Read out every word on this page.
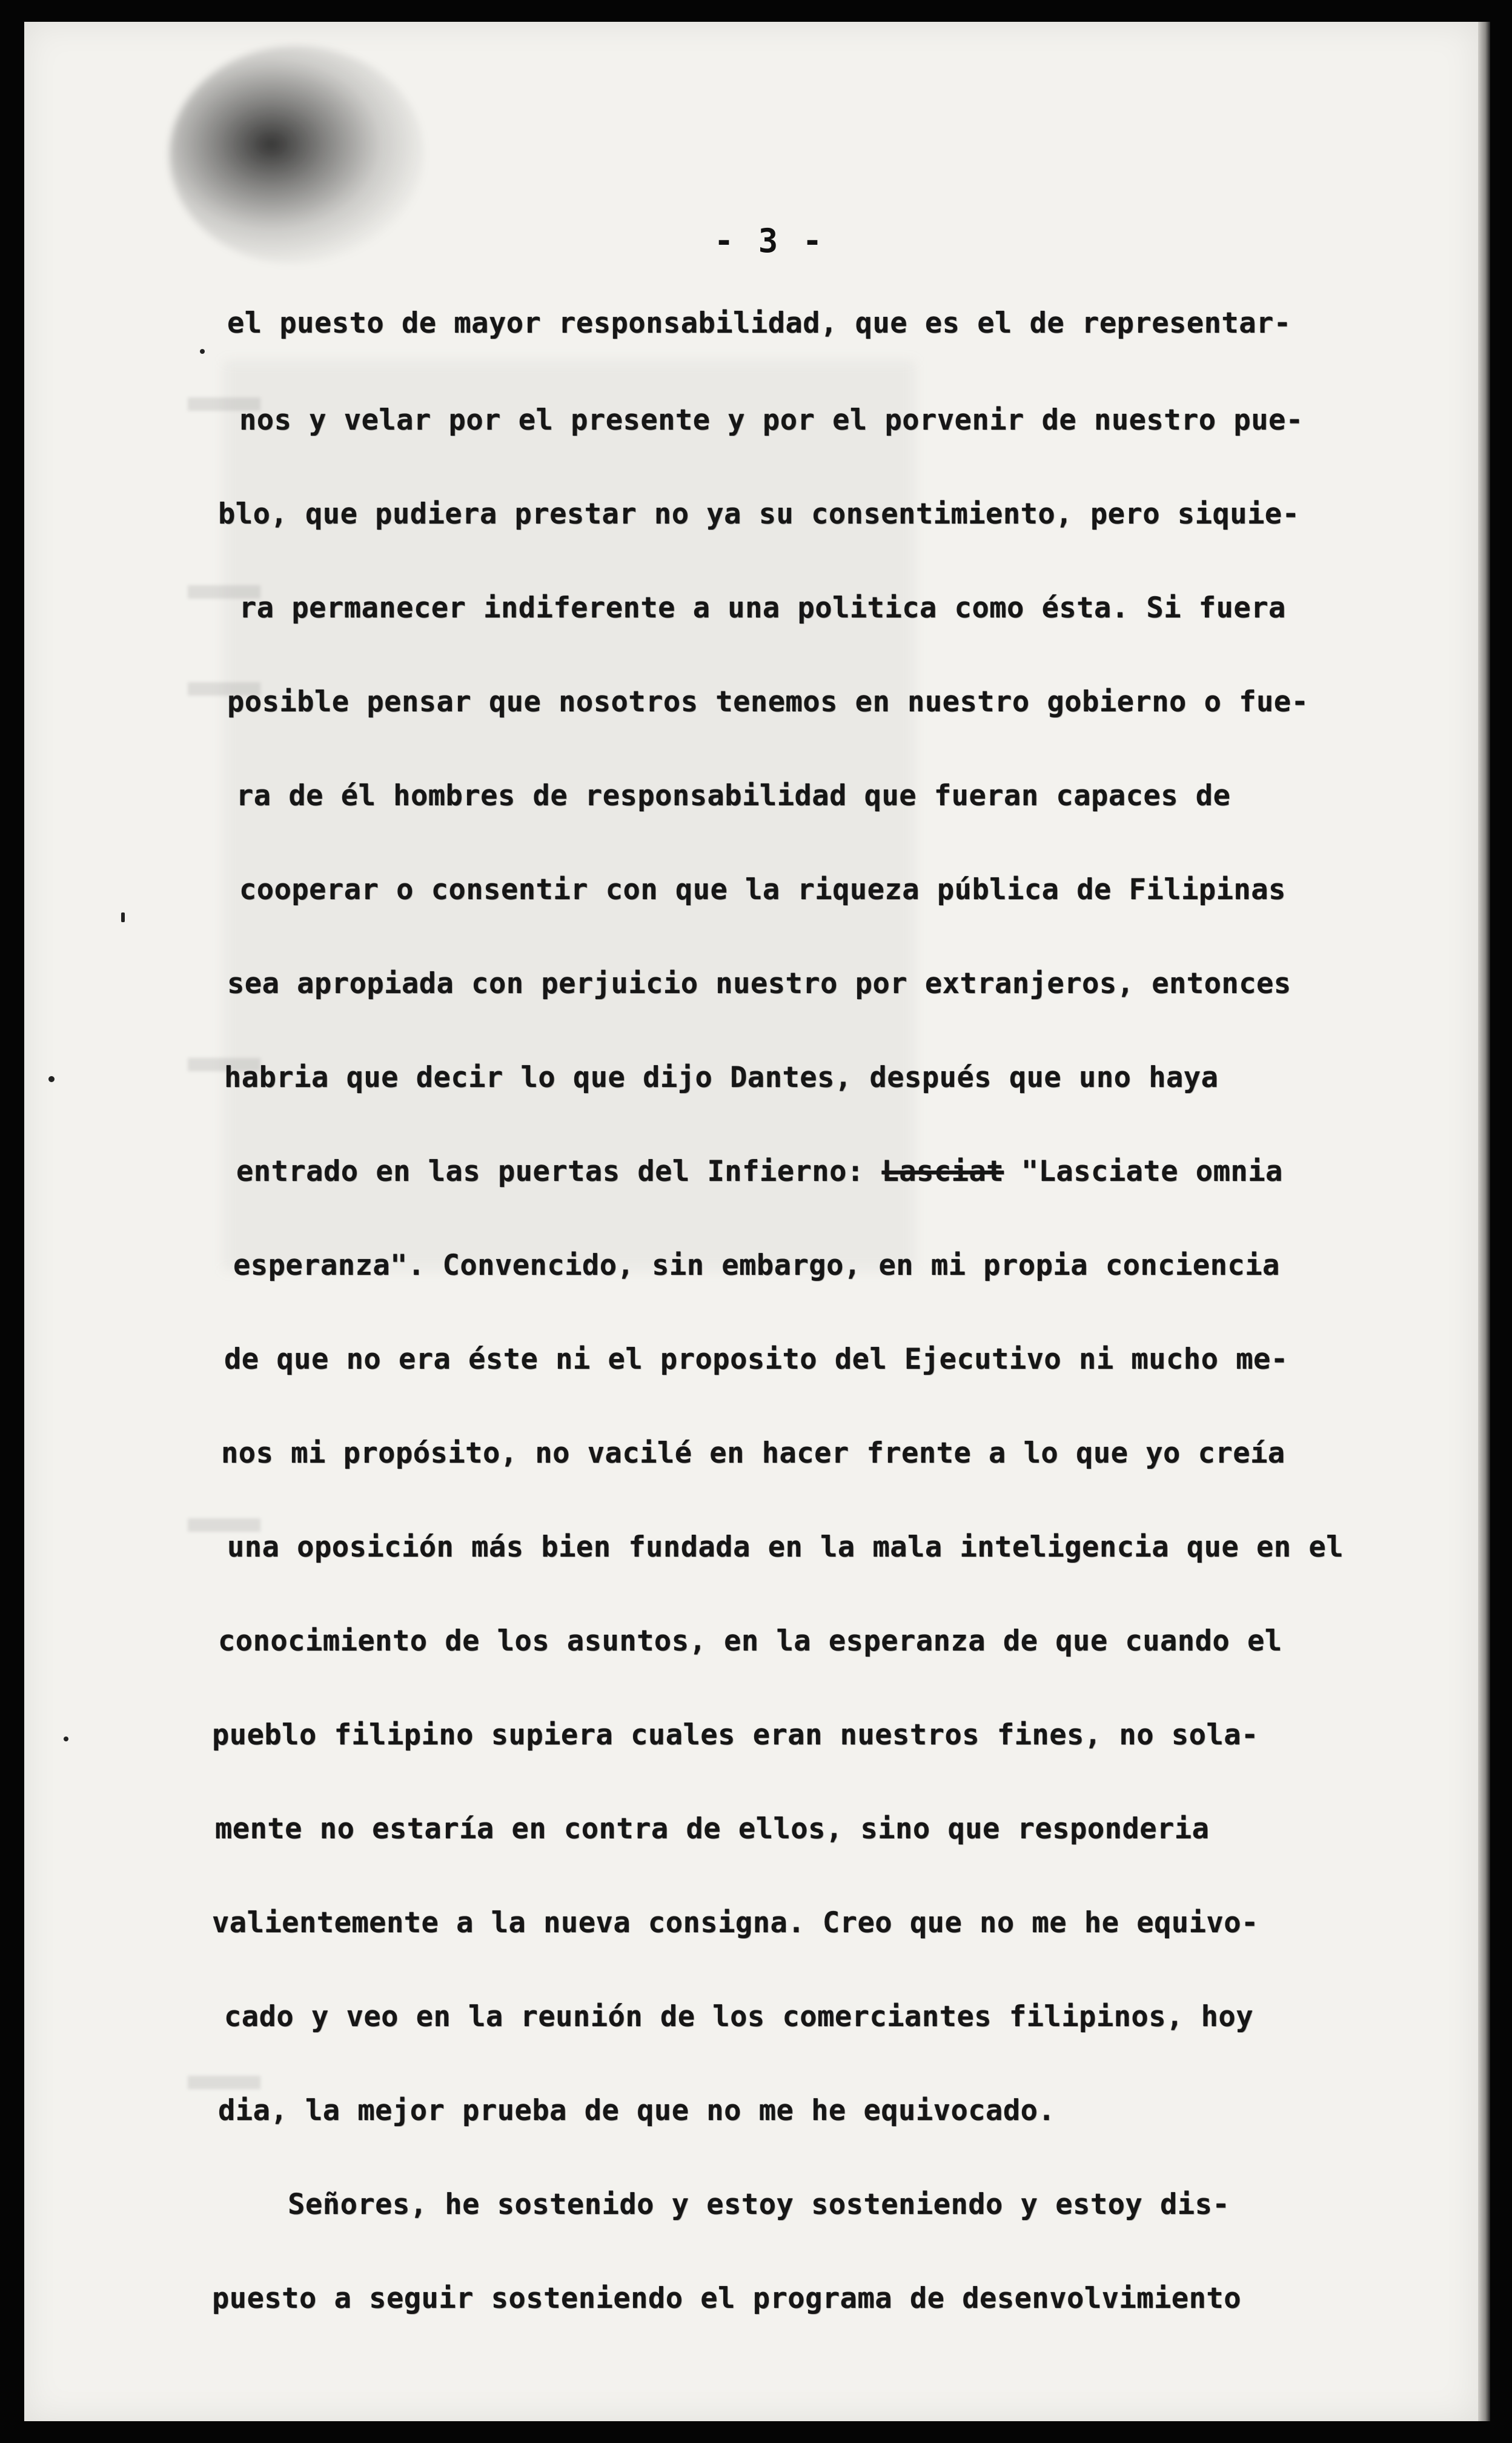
- 3 -
el puesto de mayor responsabilidad, que es el de representar-
nos y velar por el presente y por el porvenir de nuestro pue-
blo, que pudiera prestar no ya su consentimiento, pero siquie-
ra permanecer indiferente a una politica como ésta. Si fuera
posible pensar que nosotros tenemos en nuestro gobierno o fue-
ra de él hombres de responsabilidad que fueran capaces de
cooperar o consentir con que la riqueza pública de Filipinas
sea apropiada con perjuicio nuestro por extranjeros, entonces
habria que decir lo que dijo Dantes, después que uno haya
entrado en las puertas del Infierno: Lasciat "Lasciate omnia
esperanza". Convencido, sin embargo, en mi propia conciencia
de que no era éste ni el proposito del Ejecutivo ni mucho me-
nos mi propósito, no vacilé en hacer frente a lo que yo creía
una oposición más bien fundada en la mala inteligencia que en el
conocimiento de los asuntos, en la esperanza de que cuando el
pueblo filipino supiera cuales eran nuestros fines, no sola-
mente no estaría en contra de ellos, sino que responderia
valientemente a la nueva consigna. Creo que no me he equivo-
cado y veo en la reunión de los comerciantes filipinos, hoy
dia, la mejor prueba de que no me he equivocado.
Señores, he sostenido y estoy sosteniendo y estoy dis-
puesto a seguir sosteniendo el programa de desenvolvimiento
